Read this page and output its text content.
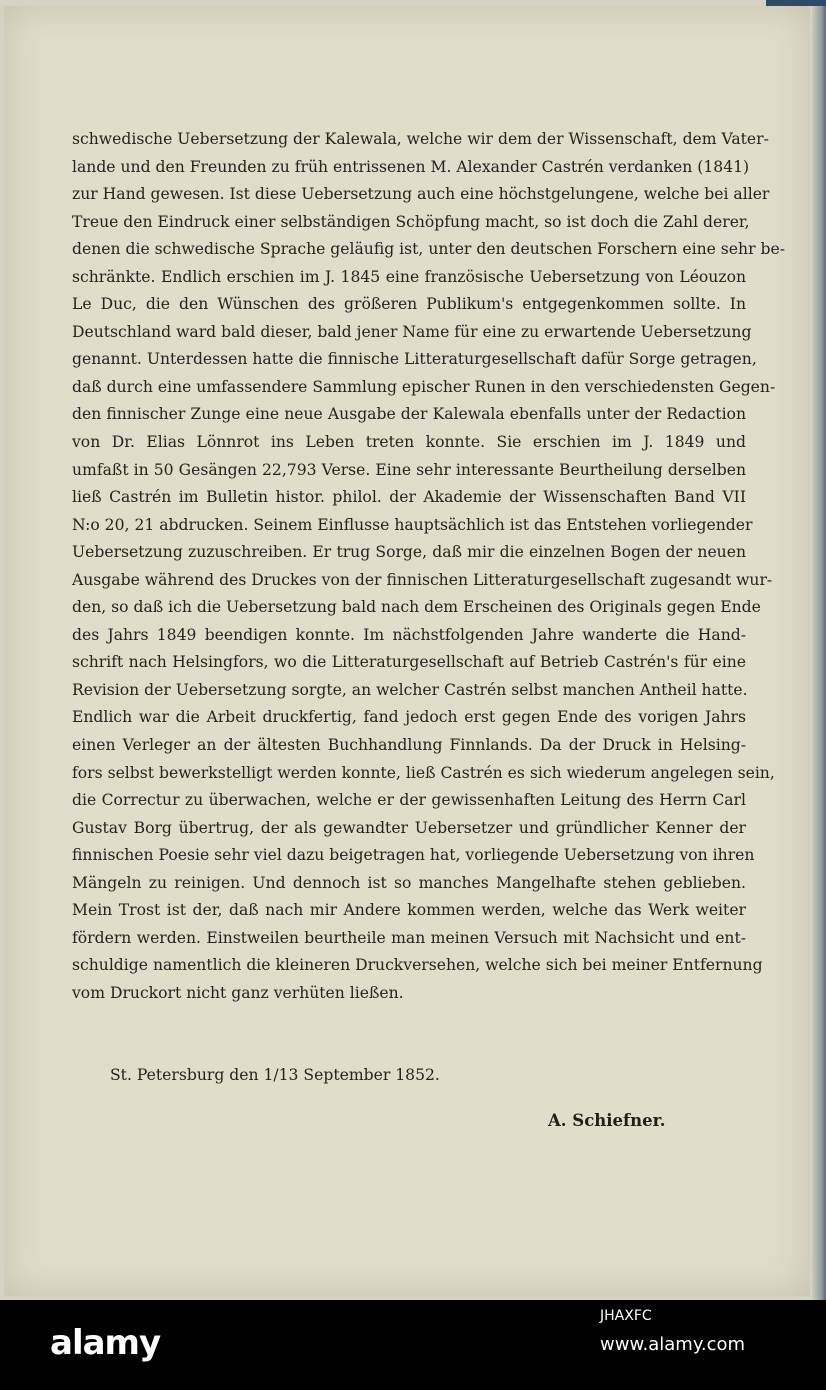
schwedische Uebersetzung der Kalewala, welche wir dem der Wissenschaft, dem Vater-
lande und den Freunden zu früh entrissenen M. Alexander Castrén verdanken (1841)
zur Hand gewesen. Ist diese Uebersetzung auch eine höchstgelungene, welche bei aller
Treue den Eindruck einer selbständigen Schöpfung macht, so ist doch die Zahl derer,
denen die schwedische Sprache geläufig ist, unter den deutschen Forschern eine sehr be-
schränkte. Endlich erschien im J. 1845 eine französische Uebersetzung von Léouzon
Le Duc, die den Wünschen des größeren Publikum's entgegenkommen sollte. In
Deutschland ward bald dieser, bald jener Name für eine zu erwartende Uebersetzung
genannt. Unterdessen hatte die finnische Litteraturgesellschaft dafür Sorge getragen,
daß durch eine umfassendere Sammlung epischer Runen in den verschiedensten Gegen-
den finnischer Zunge eine neue Ausgabe der Kalewala ebenfalls unter der Redaction
von Dr. Elias Lönnrot ins Leben treten konnte. Sie erschien im J. 1849 und
umfaßt in 50 Gesängen 22,793 Verse. Eine sehr interessante Beurtheilung derselben
ließ Castrén im Bulletin histor. philol. der Akademie der Wissenschaften Band VII
N:o 20, 21 abdrucken. Seinem Einflusse hauptsächlich ist das Entstehen vorliegender
Uebersetzung zuzuschreiben. Er trug Sorge, daß mir die einzelnen Bogen der neuen
Ausgabe während des Druckes von der finnischen Litteraturgesellschaft zugesandt wur-
den, so daß ich die Uebersetzung bald nach dem Erscheinen des Originals gegen Ende
des Jahrs 1849 beendigen konnte. Im nächstfolgenden Jahre wanderte die Hand-
schrift nach Helsingfors, wo die Litteraturgesellschaft auf Betrieb Castrén's für eine
Revision der Uebersetzung sorgte, an welcher Castrén selbst manchen Antheil hatte.
Endlich war die Arbeit druckfertig, fand jedoch erst gegen Ende des vorigen Jahrs
einen Verleger an der ältesten Buchhandlung Finnlands. Da der Druck in Helsing-
fors selbst bewerkstelligt werden konnte, ließ Castrén es sich wiederum angelegen sein,
die Correctur zu überwachen, welche er der gewissenhaften Leitung des Herrn Carl
Gustav Borg übertrug, der als gewandter Uebersetzer und gründlicher Kenner der
finnischen Poesie sehr viel dazu beigetragen hat, vorliegende Uebersetzung von ihren
Mängeln zu reinigen. Und dennoch ist so manches Mangelhafte stehen geblieben.
Mein Trost ist der, daß nach mir Andere kommen werden, welche das Werk weiter
fördern werden. Einstweilen beurtheile man meinen Versuch mit Nachsicht und ent-
schuldige namentlich die kleineren Druckversehen, welche sich bei meiner Entfernung
vom Druckort nicht ganz verhüten ließen.
St. Petersburg den 1/13 September 1852.
A. Schiefner.
alamy
JHAXFC
www.alamy.com
